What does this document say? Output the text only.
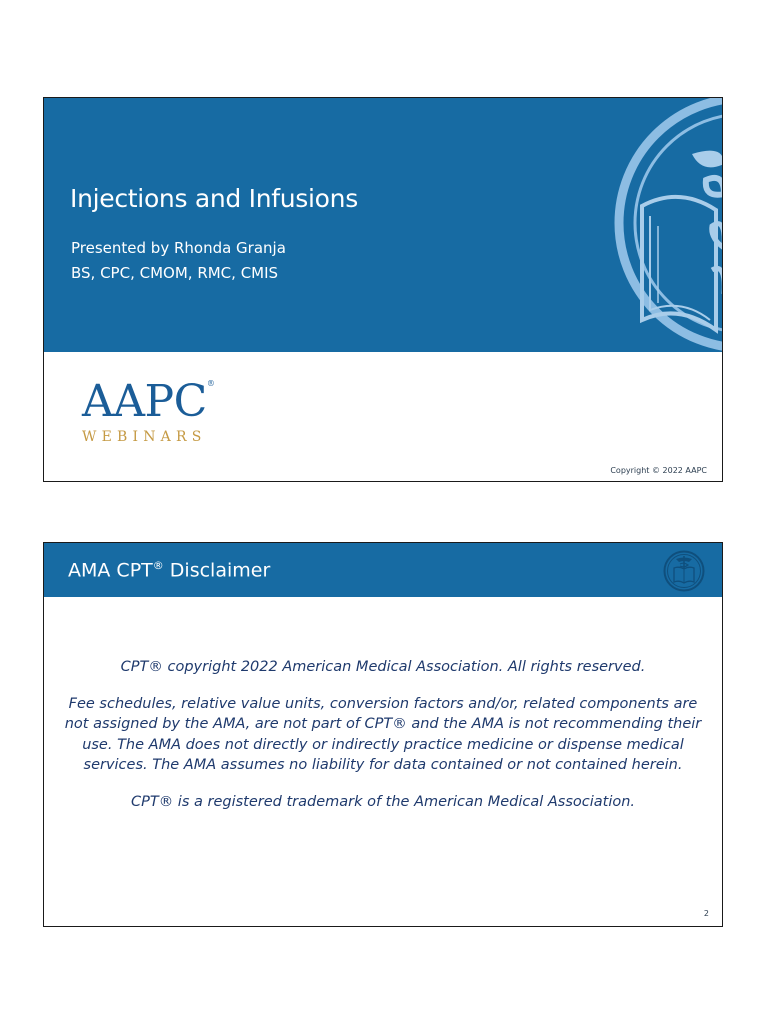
Injections and Infusions
Presented by Rhonda Granja
BS, CPC, CMOM, RMC, CMIS
AAPC®
WEBINARS
Copyright © 2022 AAPC
AMA CPT® Disclaimer

CPT® copyright 2022 American Medical Association. All rights reserved.

Fee schedules, relative value units, conversion factors and/or, related components are not assigned by the AMA, are not part of CPT® and the AMA is not recommending their use. The AMA does not directly or indirectly practice medicine or dispense medical services. The AMA assumes no liability for data contained or not contained herein.

CPT® is a registered trademark of the American Medical Association.

2
